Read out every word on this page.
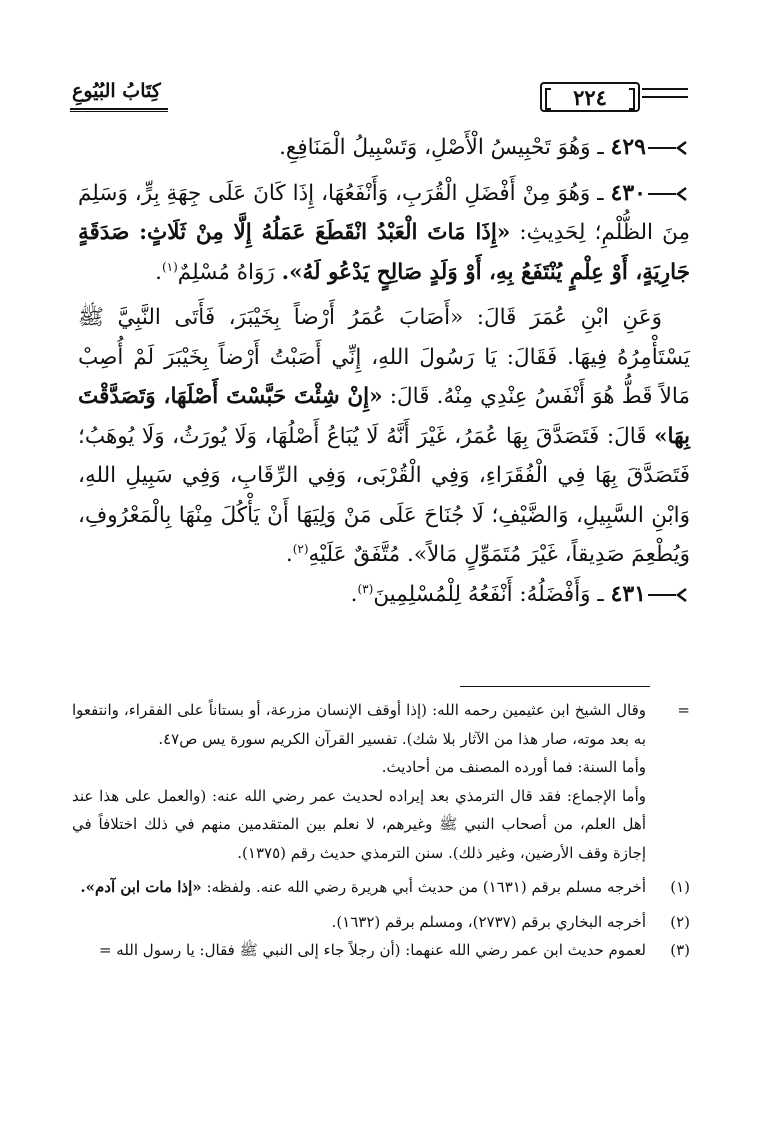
كِتَابُ البُيُوعِ	٢٢٤

٤٢٩ ـ وَهُوَ تَحْبِيسُ الْأَصْلِ، وَتَسْبِيلُ الْمَنَافِعِ.

٤٣٠ ـ وَهُوَ مِنْ أَفْضَلِ الْقُرَبِ، وَأَنْفَعُهَا، إِذَا كَانَ عَلَى جِهَةِ بِرٍّ، وَسَلِمَ مِنَ الظُّلْمِ؛ لِحَدِيثِ: «إِذَا مَاتَ الْعَبْدُ انْقَطَعَ عَمَلُهُ إِلَّا مِنْ ثَلَاثٍ: صَدَقَةٍ جَارِيَةٍ، أَوْ عِلْمٍ يُنْتَفَعُ بِهِ، أَوْ وَلَدٍ صَالِحٍ يَدْعُو لَهُ». رَوَاهُ مُسْلِمٌ$^{(١)}$.

وَعَنِ ابْنِ عُمَرَ قَالَ: «أَصَابَ عُمَرُ أَرْضاً بِخَيْبَرَ، فَأَتَى النَّبِيَّ ﷺ يَسْتَأْمِرُهُ فِيهَا. فَقَالَ: يَا رَسُولَ اللهِ، إِنِّي أَصَبْتُ أَرْضاً بِخَيْبَرَ لَمْ أُصِبْ مَالاً قَطُّ هُوَ أَنْفَسُ عِنْدِي مِنْهُ. قَالَ: «إِنْ شِئْتَ حَبَّسْتَ أَصْلَهَا، وَتَصَدَّقْتَ بِهَا» قَالَ: فَتَصَدَّقَ بِهَا عُمَرُ، غَيْرَ أَنَّهُ لَا يُبَاعُ أَصْلُهَا، وَلَا يُورَثُ، وَلَا يُوهَبُ؛ فَتَصَدَّقَ بِهَا فِي الْفُقَرَاءِ، وَفِي الْقُرْبَى، وَفِي الرِّقَابِ، وَفِي سَبِيلِ اللهِ، وَابْنِ السَّبِيلِ، وَالضَّيْفِ؛ لَا جُنَاحَ عَلَى مَنْ وَلِيَهَا أَنْ يَأْكُلَ مِنْهَا بِالْمَعْرُوفِ، وَيُطْعِمَ صَدِيقاً، غَيْرَ مُتَمَوِّلٍ مَالاً». مُتَّفَقٌ عَلَيْهِ$^{(٢)}$.

٤٣١ ـ وَأَفْضَلُهُ: أَنْفَعُهُ لِلْمُسْلِمِينَ$^{(٣)}$.

=

وقال الشيخ ابن عثيمين رحمه الله: (إذا أوقف الإنسان مزرعة، أو بستاناً على الفقراء، وانتفعوا به بعد موته، صار هذا من الآثار بلا شك). تفسير القرآن الكريم سورة يس ص٤٧.

وأما السنة: فما أورده المصنف من أحاديث.

وأما الإجماع: فقد قال الترمذي بعد إيراده لحديث عمر رضي الله عنه: (والعمل على هذا عند أهل العلم، من أصحاب النبي ﷺ وغيرهم، لا نعلم بين المتقدمين منهم في ذلك اختلافاً في إجازة وقف الأرضين، وغير ذلك). سنن الترمذي حديث رقم (١٣٧٥).

(١)
أخرجه مسلم برقم (١٦٣١) من حديث أبي هريرة رضي الله عنه. ولفظه: «إذا مات ابن آدم».
(٢)
أخرجه البخاري برقم (٢٧٣٧)، ومسلم برقم (١٦٣٢).
(٣)
لعموم حديث ابن عمر رضي الله عنهما: (أن رجلاً جاء إلى النبي ﷺ فقال: يا رسول الله =
